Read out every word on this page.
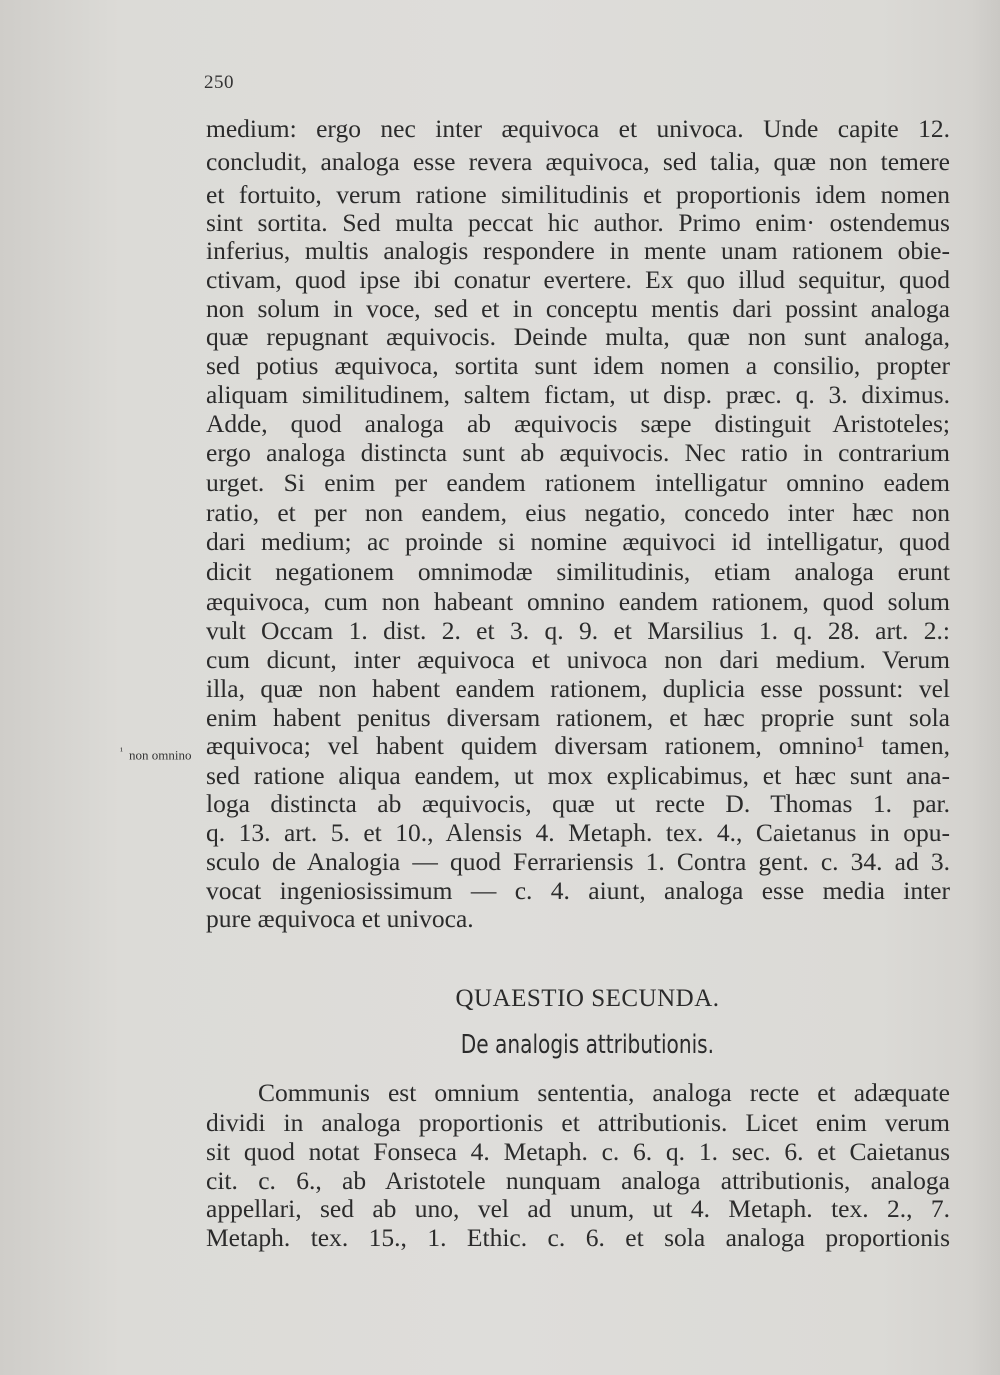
250
medium: ergo nec inter æquivoca et univoca. Unde capite 12.
concludit, analoga esse revera æquivoca, sed talia, quæ non temere
et fortuito, verum ratione similitudinis et proportionis idem nomen
sint sortita. Sed multa peccat hic author. Primo enim· ostendemus
inferius, multis analogis respondere in mente unam rationem obie-
ctivam, quod ipse ibi conatur evertere. Ex quo illud sequitur, quod
non solum in voce, sed et in conceptu mentis dari possint analoga
quæ repugnant æquivocis. Deinde multa, quæ non sunt analoga,
sed potius æquivoca, sortita sunt idem nomen a consilio, propter
aliquam similitudinem, saltem fictam, ut disp. præc. q. 3. diximus.
Adde, quod analoga ab æquivocis sæpe distinguit Aristoteles;
ergo analoga distincta sunt ab æquivocis. Nec ratio in contrarium
urget. Si enim per eandem rationem intelligatur omnino eadem
ratio, et per non eandem, eius negatio, concedo inter hæc non
dari medium; ac proinde si nomine æquivoci id intelligatur, quod
dicit negationem omnimodæ similitudinis, etiam analoga erunt
æquivoca, cum non habeant omnino eandem rationem, quod solum
vult Occam 1. dist. 2. et 3. q. 9. et Marsilius 1. q. 28. art. 2.:
cum dicunt, inter æquivoca et univoca non dari medium. Verum
illa, quæ non habent eandem rationem, duplicia esse possunt: vel
enim habent penitus diversam rationem, et hæc proprie sunt sola
æquivoca; vel habent quidem diversam rationem, omnino¹ tamen,
sed ratione aliqua eandem, ut mox explicabimus, et hæc sunt ana-
loga distincta ab æquivocis, quæ ut recte D. Thomas 1. par.
q. 13. art. 5. et 10., Alensis 4. Metaph. tex. 4., Caietanus in opu-
sculo de Analogia — quod Ferrariensis 1. Contra gent. c. 34. ad 3.
vocat ingeniosissimum — c. 4. aiunt, analoga esse media inter
pure æquivoca et univoca.
$^{^1}$ non omnino
QUAESTIO SECUNDA.
De analogis attributionis.
Communis est omnium sententia, analoga recte et adæquate
dividi in analoga proportionis et attributionis. Licet enim verum
sit quod notat Fonseca 4. Metaph. c. 6. q. 1. sec. 6. et Caietanus
cit. c. 6., ab Aristotele nunquam analoga attributionis, analoga
appellari, sed ab uno, vel ad unum, ut 4. Metaph. tex. 2., 7.
Metaph. tex. 15., 1. Ethic. c. 6. et sola analoga proportionis
